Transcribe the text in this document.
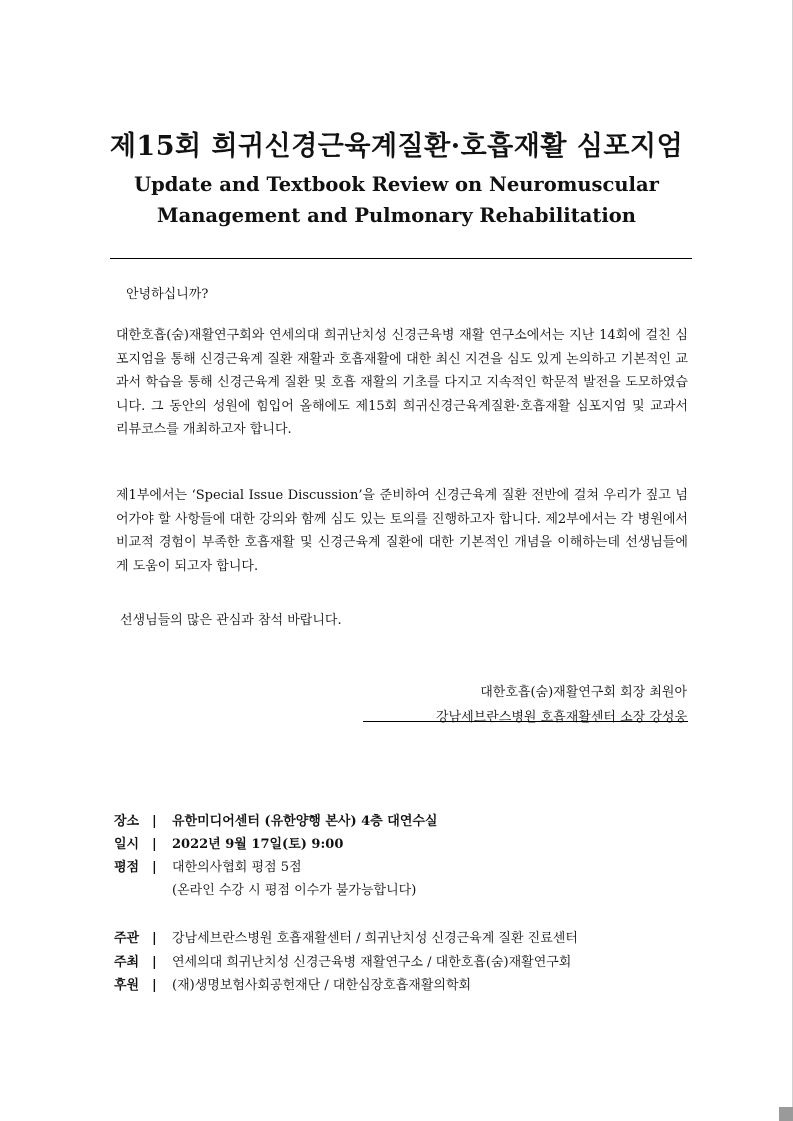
제15회 희귀신경근육계질환·호흡재활 심포지엄
Update and Textbook Review on Neuromuscular
Management and Pulmonary Rehabilitation
안녕하십니까?

대한호흡(숨)재활연구회와 연세의대 희귀난치성 신경근육병 재활 연구소에서는 지난 14회에 걸친 심포지엄을 통해 신경근육계 질환 재활과 호흡재활에 대한 최신 지견을 심도 있게 논의하고 기본적인 교과서 학습을 통해 신경근육계 질환 및 호흡 재활의 기초를 다지고 지속적인 학문적 발전을 도모하였습니다. 그 동안의 성원에 힘입어 올해에도 제15회 희귀신경근육계질환·호흡재활 심포지엄 및 교과서 리뷰코스를 개최하고자 합니다.

제1부에서는 ‘Special Issue Discussion’을 준비하여 신경근육계 질환 전반에 걸쳐 우리가 짚고 넘어가야 할 사항들에 대한 강의와 함께 심도 있는 토의를 진행하고자 합니다. 제2부에서는 각 병원에서 비교적 경험이 부족한 호흡재활 및 신경근육계 질환에 대한 기본적인 개념을 이해하는데 선생님들에게 도움이 되고자 합니다.

선생님들의 많은 관심과 참석 바랍니다.
대한호흡(숨)재활연구회 회장 최원아
강남세브란스병원 호흡재활센터 소장 강성웅
장소 | 유한미디어센터 (유한양행 본사) 4층 대연수실
일시 | 2022년 9월 17일(토) 9:00
평점 | 대한의사협회 평점 5점
(온라인 수강 시 평점 이수가 불가능합니다)
주관 | 강남세브란스병원 호흡재활센터 / 희귀난치성 신경근육계 질환 진료센터
주최 | 연세의대 희귀난치성 신경근육병 재활연구소 / 대한호흡(숨)재활연구회
후원 | (재)생명보험사회공헌재단 / 대한심장호흡재활의학회
